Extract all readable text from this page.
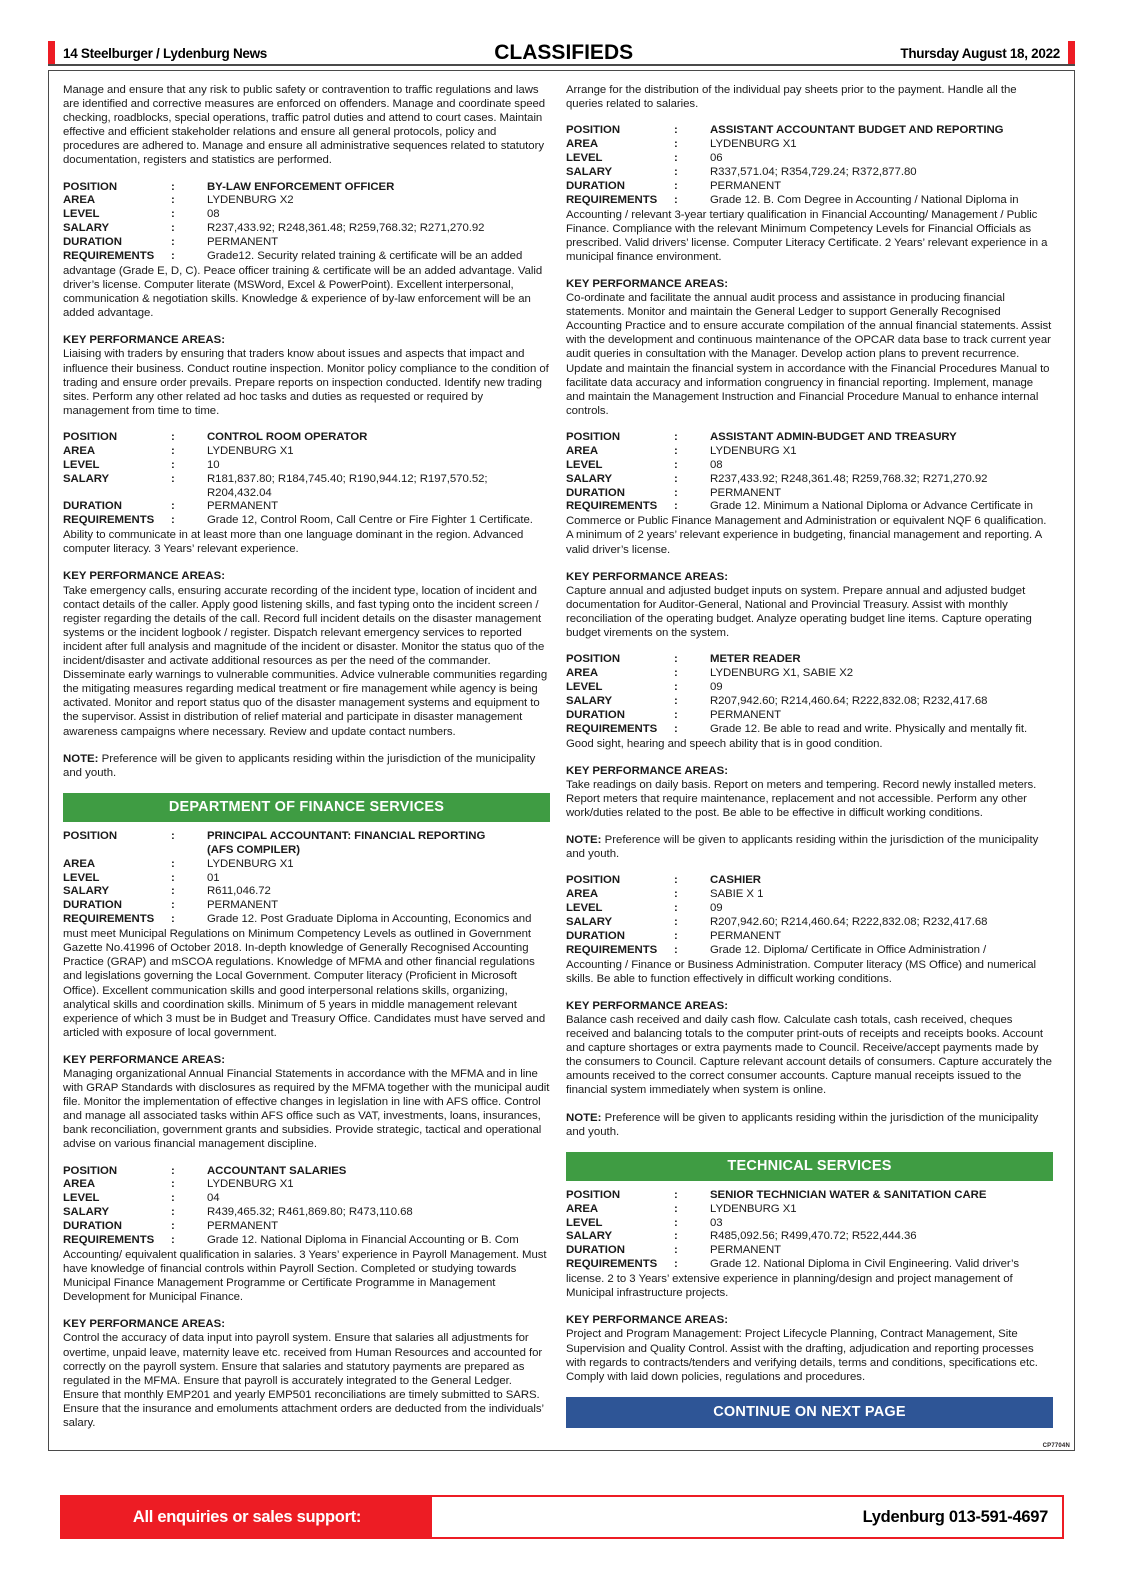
14 Steelburger / Lydenburg News	CLASSIFIEDS	Thursday August 18, 2022

Manage and ensure that any risk to public safety or contravention to traffic regulations and laws are identified and corrective measures are enforced on offenders. Manage and coordinate speed checking, roadblocks, special operations, traffic patrol duties and attend to court cases. Maintain effective and efficient stakeholder relations and ensure all general protocols, policy and procedures are adhered to. Manage and ensure all administrative sequences related to statutory documentation, registers and statistics are performed.

POSITION	:	BY-LAW ENFORCEMENT OFFICER
AREA	:	LYDENBURG X2
LEVEL	:	08
SALARY	:	R237,433.92; R248,361.48; R259,768.32; R271,270.92
DURATION	:	PERMANENT
REQUIREMENTS	:	Grade12. Security related training & certificate will be an added

advantage (Grade E, D, C). Peace officer training & certificate will be an added advantage. Valid driver’s license. Computer literate (MSWord, Excel & PowerPoint). Excellent interpersonal, communication & negotiation skills. Knowledge & experience of by-law enforcement will be an added advantage.

KEY PERFORMANCE AREAS:

Liaising with traders by ensuring that traders know about issues and aspects that impact and influence their business. Conduct routine inspection. Monitor policy compliance to the condition of trading and ensure order prevails. Prepare reports on inspection conducted. Identify new trading sites. Perform any other related ad hoc tasks and duties as requested or required by management from time to time.

POSITION	:	CONTROL ROOM OPERATOR
AREA	:	LYDENBURG X1
LEVEL	:	10
SALARY	:	R181,837.80; R184,745.40; R190,944.12; R197,570.52; R204,432.04
DURATION	:	PERMANENT
REQUIREMENTS	:	Grade 12, Control Room, Call Centre or Fire Fighter 1 Certificate.

Ability to communicate in at least more than one language dominant in the region. Advanced computer literacy. 3 Years’ relevant experience.

KEY PERFORMANCE AREAS:

Take emergency calls, ensuring accurate recording of the incident type, location of incident and contact details of the caller. Apply good listening skills, and fast typing onto the incident screen / register regarding the details of the call. Record full incident details on the disaster management systems or the incident logbook / register. Dispatch relevant emergency services to reported incident after full analysis and magnitude of the incident or disaster. Monitor the status quo of the incident/disaster and activate additional resources as per the need of the commander. Disseminate early warnings to vulnerable communities. Advice vulnerable communities regarding the mitigating measures regarding medical treatment or fire management while agency is being activated. Monitor and report status quo of the disaster management systems and equipment to the supervisor. Assist in distribution of relief material and participate in disaster management awareness campaigns where necessary. Review and update contact numbers.

NOTE: Preference will be given to applicants residing within the jurisdiction of the municipality and youth.

DEPARTMENT OF FINANCE SERVICES
POSITION	:	PRINCIPAL ACCOUNTANT: FINANCIAL REPORTING
		(AFS COMPILER)
AREA	:	LYDENBURG X1
LEVEL	:	01
SALARY	:	R611,046.72
DURATION	:	PERMANENT
REQUIREMENTS	:	Grade 12. Post Graduate Diploma in Accounting, Economics and

must meet Municipal Regulations on Minimum Competency Levels as outlined in Government Gazette No.41996 of October 2018. In-depth knowledge of Generally Recognised Accounting Practice (GRAP) and mSCOA regulations. Knowledge of MFMA and other financial regulations and legislations governing the Local Government. Computer literacy (Proficient in Microsoft Office). Excellent communication skills and good interpersonal relations skills, organizing, analytical skills and coordination skills. Minimum of 5 years in middle management relevant experience of which 3 must be in Budget and Treasury Office. Candidates must have served and articled with exposure of local government.

KEY PERFORMANCE AREAS:

Managing organizational Annual Financial Statements in accordance with the MFMA and in line with GRAP Standards with disclosures as required by the MFMA together with the municipal audit file. Monitor the implementation of effective changes in legislation in line with AFS office. Control and manage all associated tasks within AFS office such as VAT, investments, loans, insurances, bank reconciliation, government grants and subsidies. Provide strategic, tactical and operational advise on various financial management discipline.

POSITION	:	ACCOUNTANT SALARIES
AREA	:	LYDENBURG X1
LEVEL	:	04
SALARY	:	R439,465.32; R461,869.80; R473,110.68
DURATION	:	PERMANENT
REQUIREMENTS	:	Grade 12. National Diploma in Financial Accounting or B. Com

Accounting/ equivalent qualification in salaries. 3 Years’ experience in Payroll Management. Must have knowledge of financial controls within Payroll Section. Completed or studying towards Municipal Finance Management Programme or Certificate Programme in Management Development for Municipal Finance.

KEY PERFORMANCE AREAS:

Control the accuracy of data input into payroll system. Ensure that salaries all adjustments for overtime, unpaid leave, maternity leave etc. received from Human Resources and accounted for correctly on the payroll system. Ensure that salaries and statutory payments are prepared as regulated in the MFMA. Ensure that payroll is accurately integrated to the General Ledger. Ensure that monthly EMP201 and yearly EMP501 reconciliations are timely submitted to SARS. Ensure that the insurance and emoluments attachment orders are deducted from the individuals’ salary.

Arrange for the distribution of the individual pay sheets prior to the payment. Handle all the queries related to salaries.

POSITION	:	ASSISTANT ACCOUNTANT BUDGET AND REPORTING
AREA	:	LYDENBURG X1
LEVEL	:	06
SALARY	:	R337,571.04; R354,729.24; R372,877.80
DURATION	:	PERMANENT
REQUIREMENTS	:	Grade 12. B. Com Degree in Accounting / National Diploma in

Accounting / relevant 3-year tertiary qualification in Financial Accounting/ Management / Public Finance. Compliance with the relevant Minimum Competency Levels for Financial Officials as prescribed. Valid drivers’ license. Computer Literacy Certificate. 2 Years’ relevant experience in a municipal finance environment.

KEY PERFORMANCE AREAS:

Co-ordinate and facilitate the annual audit process and assistance in producing financial statements. Monitor and maintain the General Ledger to support Generally Recognised Accounting Practice and to ensure accurate compilation of the annual financial statements. Assist with the development and continuous maintenance of the OPCAR data base to track current year audit queries in consultation with the Manager. Develop action plans to prevent recurrence. Update and maintain the financial system in accordance with the Financial Procedures Manual to facilitate data accuracy and information congruency in financial reporting. Implement, manage and maintain the Management Instruction and Financial Procedure Manual to enhance internal controls.

POSITION	:	ASSISTANT ADMIN-BUDGET AND TREASURY
AREA	:	LYDENBURG X1
LEVEL	:	08
SALARY	:	R237,433.92; R248,361.48; R259,768.32; R271,270.92
DURATION	:	PERMANENT
REQUIREMENTS	:	Grade 12. Minimum a National Diploma or Advance Certificate in

Commerce or Public Finance Management and Administration or equivalent NQF 6 qualification. A minimum of 2 years’ relevant experience in budgeting, financial management and reporting. A valid driver’s license.

KEY PERFORMANCE AREAS:

Capture annual and adjusted budget inputs on system. Prepare annual and adjusted budget documentation for Auditor-General, National and Provincial Treasury. Assist with monthly reconciliation of the operating budget. Analyze operating budget line items. Capture operating budget virements on the system.

POSITION	:	METER READER
AREA	:	LYDENBURG X1, SABIE X2
LEVEL	:	09
SALARY	:	R207,942.60; R214,460.64; R222,832.08; R232,417.68
DURATION	:	PERMANENT
REQUIREMENTS	:	Grade 12. Be able to read and write. Physically and mentally fit.

Good sight, hearing and speech ability that is in good condition.

KEY PERFORMANCE AREAS:

Take readings on daily basis. Report on meters and tempering. Record newly installed meters. Report meters that require maintenance, replacement and not accessible. Perform any other work/duties related to the post. Be able to be effective in difficult working conditions.

NOTE: Preference will be given to applicants residing within the jurisdiction of the municipality and youth.

POSITION	:	CASHIER
AREA	:	SABIE X 1
LEVEL	:	09
SALARY	:	R207,942.60; R214,460.64; R222,832.08; R232,417.68
DURATION	:	PERMANENT
REQUIREMENTS	:	Grade 12. Diploma/ Certificate in Office Administration /

Accounting / Finance or Business Administration. Computer literacy (MS Office) and numerical skills. Be able to function effectively in difficult working conditions.

KEY PERFORMANCE AREAS:

Balance cash received and daily cash flow. Calculate cash totals, cash received, cheques received and balancing totals to the computer print-outs of receipts and receipts books. Account and capture shortages or extra payments made to Council. Receive/accept payments made by the consumers to Council. Capture relevant account details of consumers. Capture accurately the amounts received to the correct consumer accounts. Capture manual receipts issued to the financial system immediately when system is online.

NOTE: Preference will be given to applicants residing within the jurisdiction of the municipality and youth.

TECHNICAL SERVICES
POSITION	:	SENIOR TECHNICIAN WATER & SANITATION CARE
AREA	:	LYDENBURG X1
LEVEL	:	03
SALARY	:	R485,092.56; R499,470.72; R522,444.36
DURATION	:	PERMANENT
REQUIREMENTS	:	Grade 12. National Diploma in Civil Engineering. Valid driver’s

license. 2 to 3 Years’ extensive experience in planning/design and project management of Municipal infrastructure projects.

KEY PERFORMANCE AREAS:

Project and Program Management: Project Lifecycle Planning, Contract Management, Site Supervision and Quality Control. Assist with the drafting, adjudication and reporting processes with regards to contracts/tenders and verifying details, terms and conditions, specifications etc. Comply with laid down policies, regulations and procedures.

CONTINUE ON NEXT PAGE
CP7704N
All enquiries or sales support:	Lydenburg 013-591-4697
